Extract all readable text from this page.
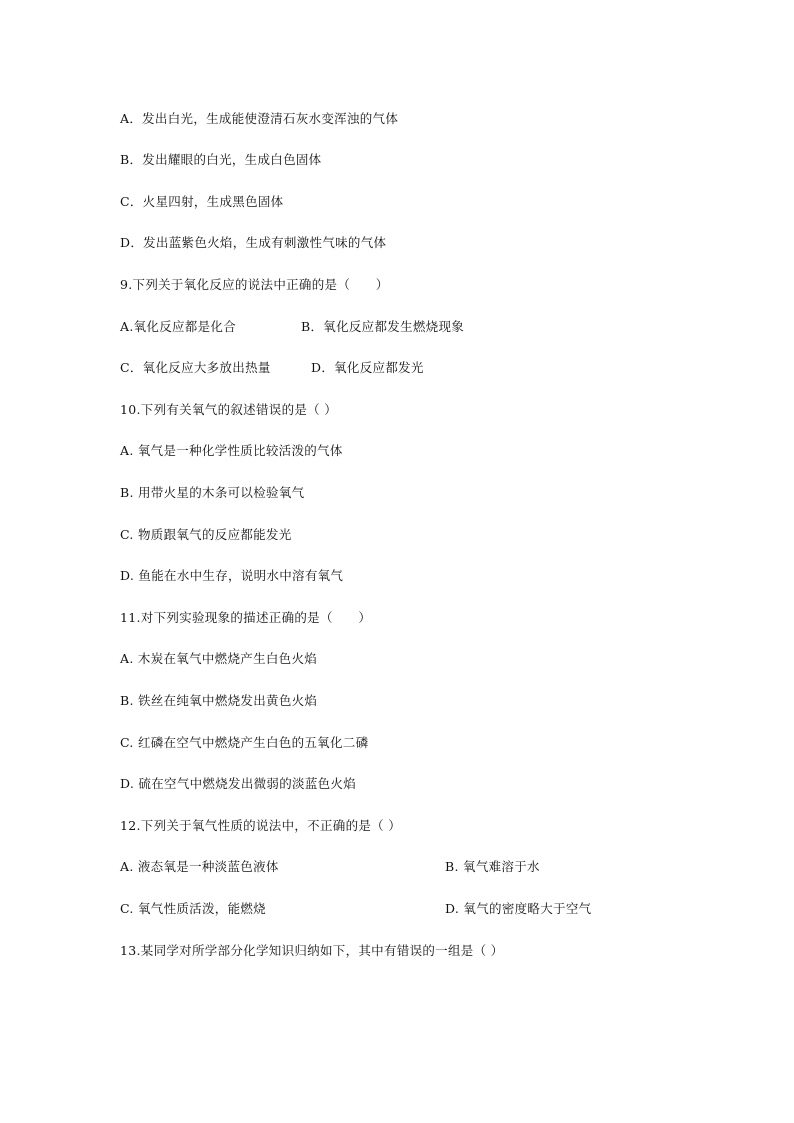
A．发出白光，生成能使澄清石灰水变浑浊的气体
B．发出耀眼的白光，生成白色固体
C．火星四射，生成黑色固体
D．发出蓝紫色火焰，生成有刺激性气味的气体
9.下列关于氧化反应的说法中正确的是（　　）
A.氧化反应都是化合	B．氧化反应都发生燃烧现象
C．氧化反应大多放出热量	D．氧化反应都发光
10.下列有关氧气的叙述错误的是（ ）
A. 氧气是一种化学性质比较活泼的气体
B. 用带火星的木条可以检验氧气
C. 物质跟氧气的反应都能发光
D. 鱼能在水中生存，说明水中溶有氧气
11.对下列实验现象的描述正确的是（　　）
A. 木炭在氧气中燃烧产生白色火焰
B. 铁丝在纯氧中燃烧发出黄色火焰
C. 红磷在空气中燃烧产生白色的五氧化二磷
D. 硫在空气中燃烧发出微弱的淡蓝色火焰
12.下列关于氧气性质的说法中，不正确的是（ ）
A. 液态氧是一种淡蓝色液体	B. 氧气难溶于水
C. 氧气性质活泼，能燃烧	D. 氧气的密度略大于空气
13.某同学对所学部分化学知识归纳如下，其中有错误的一组是（ ）
